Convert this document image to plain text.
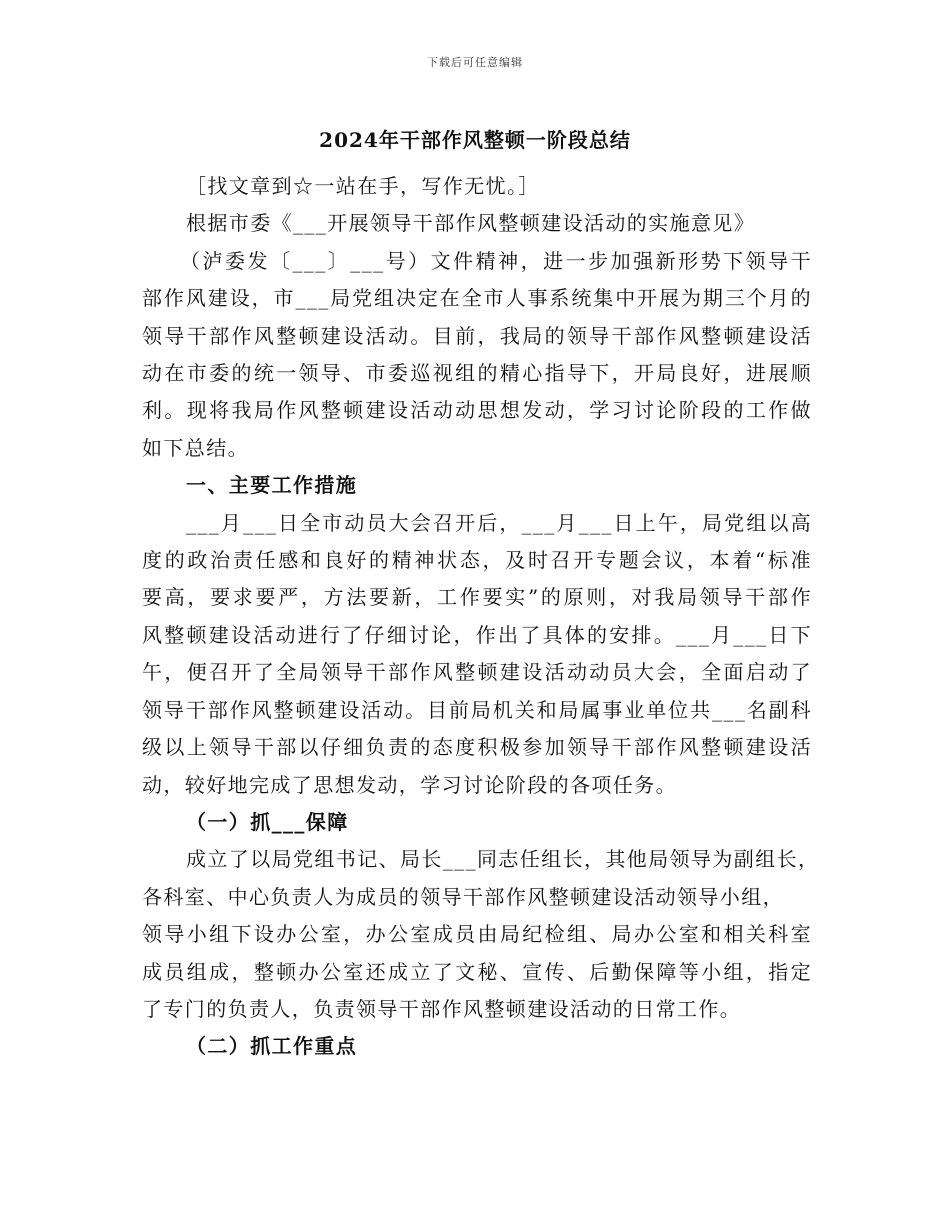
下载后可任意编辑
2024年干部作风整顿一阶段总结
［找文章到☆一站在手，写作无忧。］
根据市委《___开展领导干部作风整顿建设活动的实施意见》
（泸委发〔___〕___号）文件精神，进一步加强新形势下领导干
部作风建设，市___局党组决定在全市人事系统集中开展为期三个月的
领导干部作风整顿建设活动。目前，我局的领导干部作风整顿建设活
动在市委的统一领导、市委巡视组的精心指导下，开局良好，进展顺
利。现将我局作风整顿建设活动动思想发动，学习讨论阶段的工作做
如下总结。
一、主要工作措施
___月___日全市动员大会召开后，___月___日上午，局党组以高
度的政治责任感和良好的精神状态，及时召开专题会议，本着“标准
要高，要求要严，方法要新，工作要实”的原则，对我局领导干部作
风整顿建设活动进行了仔细讨论，作出了具体的安排。___月___日下
午，便召开了全局领导干部作风整顿建设活动动员大会，全面启动了
领导干部作风整顿建设活动。目前局机关和局属事业单位共___名副科
级以上领导干部以仔细负责的态度积极参加领导干部作风整顿建设活
动，较好地完成了思想发动，学习讨论阶段的各项任务。
（一）抓___保障
成立了以局党组书记、局长___同志任组长，其他局领导为副组长，
各科室、中心负责人为成员的领导干部作风整顿建设活动领导小组，
领导小组下设办公室，办公室成员由局纪检组、局办公室和相关科室
成员组成，整顿办公室还成立了文秘、宣传、后勤保障等小组，指定
了专门的负责人，负责领导干部作风整顿建设活动的日常工作。
（二）抓工作重点
